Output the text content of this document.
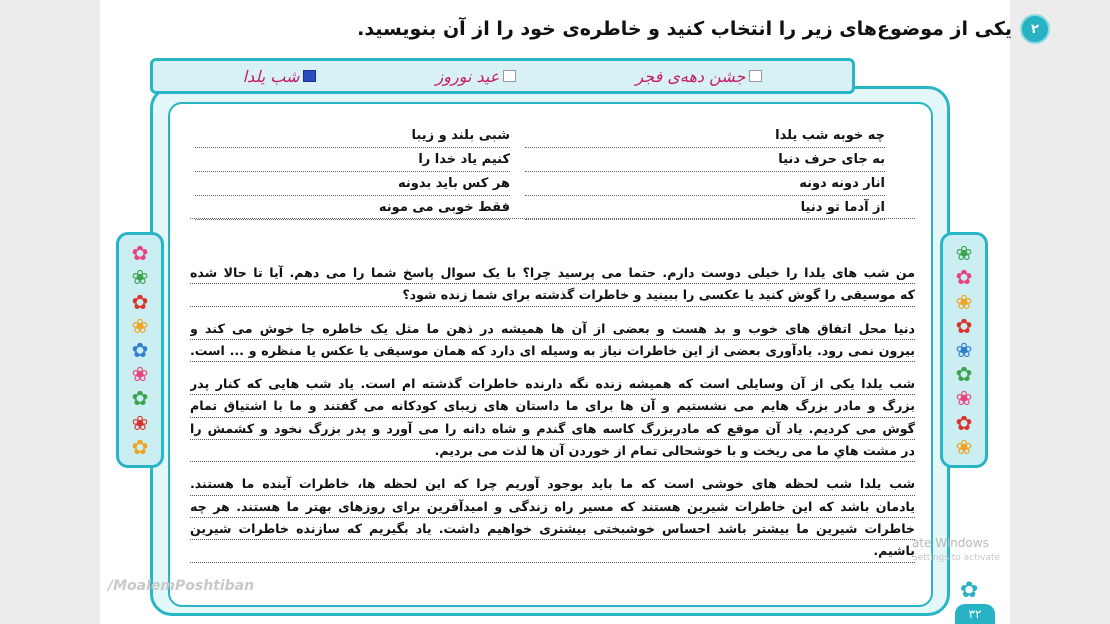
۲
یکی از موضوع‌های زیر را انتخاب کنید و خاطره‌ی خود را از آن بنویسید.
جشن دهه‌ی فجر
عید نوروز
شب یلدا
✿
❀
✿
❀
✿
❀
✿
❀
✿
❀
✿
❀
✿
❀
✿
❀
✿
❀
چه خوبه شب یلدا
به جای حرف دنیا
انار دونه دونه
از آدما تو دنیا
شبی بلند و زیبا
کنیم یاد خدا را
هر کس باید بدونه
فقط خوبی می مونه

من شب های یلدا را خیلی دوست دارم. حتما می پرسید چرا؟ با یک سوال پاسخ شما را می دهم. آیا تا حالا شده
که موسیقی را گوش کنید یا عکسی را ببینید و خاطرات گذشته برای شما زنده شود؟

دنیا محل اتفاق های خوب و بد هست و بعضی از آن ها همیشه در ذهن ما مثل یک خاطره جا خوش می کند و
بیرون نمی رود. یادآوری بعضی از این خاطرات نیاز به وسیله ای دارد که همان موسیقی یا عکس یا منظره و ... است.

شب یلدا یکی از آن وسایلی است که همیشه زنده نگه دارنده خاطرات گذشته ام است. یاد شب هایی که کنار پدر
بزرگ و مادر بزرگ هایم می نشستیم و آن ها برای ما داستان های زیبای کودکانه می گفتند و ما با اشتیاق تمام
گوش می کردیم. یاد آن موقع که مادربزرگ کاسه های گندم و شاه دانه را می آورد و پدر بزرگ نخود و کشمش را
در مشت هایِ ما می ریخت و با خوشحالی تمام از خوردن آن ها لذت می بردیم.

شب یلدا شب لحظه های خوشی است که ما باید بوجود آوریم چرا که این لحظه ها، خاطرات آینده ما هستند.
یادمان باشد که این خاطرات شیرین هستند که مسیر راه زندگی و امیدآفرین برای روزهای بهتر ما هستند. هر چه
خاطرات شیرین ما بیشتر باشد احساس خوشبختی بیشتری خواهیم داشت. یاد بگیریم که سازنده خاطرات شیرین
باشیم.

/MoalemPoshtiban
ate Windows
Settings to activate
✿
۳۲
